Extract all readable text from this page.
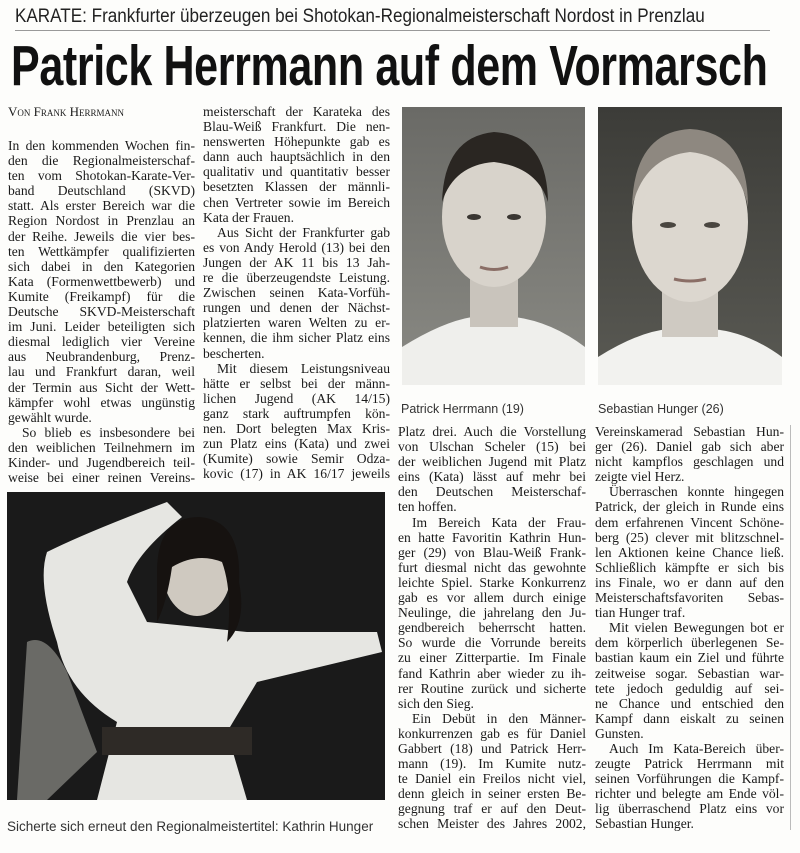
KARATE: Frankfurter überzeugen bei Shotokan-Regionalmeisterschaft Nordost in Prenzlau
Patrick Herrmann auf dem Vormarsch
Von Frank Herrmann
In den kommenden Wochen fin-
den die Regionalmeisterschaf-
ten vom Shotokan-Karate-Ver-
band Deutschland (SKVD)
statt. Als erster Bereich war die
Region Nordost in Prenzlau an
der Reihe. Jeweils die vier bes-
ten Wettkämpfer qualifizierten
sich dabei in den Kategorien
Kata (Formenwettbewerb) und
Kumite (Freikampf) für die
Deutsche SKVD-Meisterschaft
im Juni. Leider beteiligten sich
diesmal lediglich vier Vereine
aus Neubrandenburg, Prenz-
lau und Frankfurt daran, weil
der Termin aus Sicht der Wett-
kämpfer wohl etwas ungünstig
gewählt wurde.
So blieb es insbesondere bei
den weiblichen Teilnehmern im
Kinder- und Jugendbereich teil-
weise bei einer reinen Vereins-
meisterschaft der Karateka des
Blau-Weiß Frankfurt. Die nen-
nenswerten Höhepunkte gab es
dann auch hauptsächlich in den
qualitativ und quantitativ besser
besetzten Klassen der männli-
chen Vertreter sowie im Bereich
Kata der Frauen.
Aus Sicht der Frankfurter gab
es von Andy Herold (13) bei den
Jungen der AK 11 bis 13 Jah-
re die überzeugendste Leistung.
Zwischen seinen Kata-Vorfüh-
rungen und denen der Nächst-
platzierten waren Welten zu er-
kennen, die ihm sicher Platz eins
bescherten.
Mit diesem Leistungsniveau
hätte er selbst bei der männ-
lichen Jugend (AK 14/15)
ganz stark auftrumpfen kön-
nen. Dort belegten Max Kris-
zun Platz eins (Kata) und zwei
(Kumite) sowie Semir Odza-
kovic (17) in AK 16/17 jeweils
Platz drei. Auch die Vorstellung
von Ulschan Scheler (15) bei
der weiblichen Jugend mit Platz
eins (Kata) lässt auf mehr bei
den Deutschen Meisterschaf-
ten hoffen.
Im Bereich Kata der Frau-
en hatte Favoritin Kathrin Hun-
ger (29) von Blau-Weiß Frank-
furt diesmal nicht das gewohnte
leichte Spiel. Starke Konkurrenz
gab es vor allem durch einige
Neulinge, die jahrelang den Ju-
gendbereich beherrscht hatten.
So wurde die Vorrunde bereits
zu einer Zitterpartie. Im Finale
fand Kathrin aber wieder zu ih-
rer Routine zurück und sicherte
sich den Sieg.
Ein Debüt in den Männer-
konkurrenzen gab es für Daniel
Gabbert (18) und Patrick Herr-
mann (19). Im Kumite nutz-
te Daniel ein Freilos nicht viel,
denn gleich in seiner ersten Be-
gegnung traf er auf den Deut-
schen Meister des Jahres 2002,
Vereinskamerad Sebastian Hun-
ger (26). Daniel gab sich aber
nicht kampflos geschlagen und
zeigte viel Herz.
Überraschen konnte hingegen
Patrick, der gleich in Runde eins
dem erfahrenen Vincent Schöne-
berg (25) clever mit blitzschnel-
len Aktionen keine Chance ließ.
Schließlich kämpfte er sich bis
ins Finale, wo er dann auf den
Meisterschaftsfavoriten Sebas-
tian Hunger traf.
Mit vielen Bewegungen bot er
dem körperlich überlegenen Se-
bastian kaum ein Ziel und führte
zeitweise sogar. Sebastian war-
tete jedoch geduldig auf sei-
ne Chance und entschied den
Kampf dann eiskalt zu seinen
Gunsten.
Auch Im Kata-Bereich über-
zeugte Patrick Herrmann mit
seinen Vorführungen die Kampf-
richter und belegte am Ende völ-
lig überraschend Platz eins vor
Sebastian Hunger.
Patrick Herrmann (19)	Sebastian Hunger (26)
Sicherte sich erneut den Regionalmeistertitel: Kathrin Hunger
